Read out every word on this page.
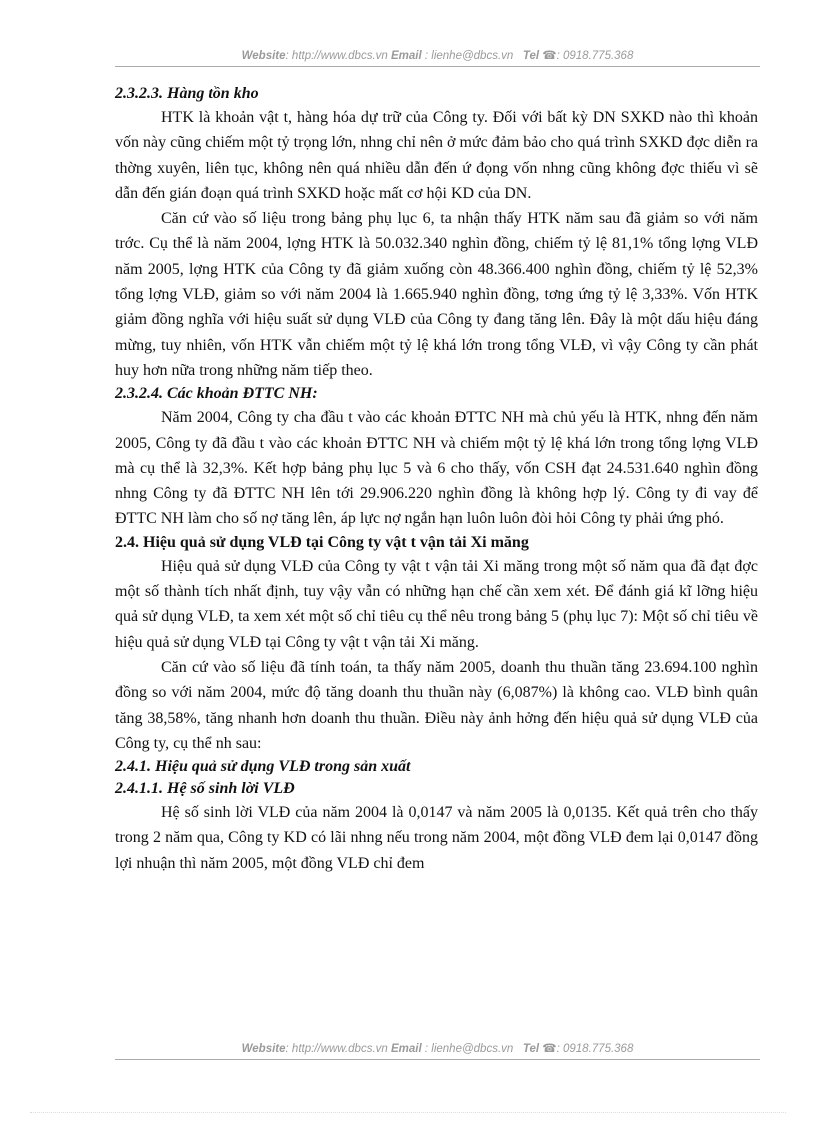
Website: http://www.dbcs.vn Email : lienhe@dbcs.vn Tel ☎: 0918.775.368

2.3.2.3. Hàng tồn kho

HTK là khoản vật t, hàng hóa dự trữ của Công ty. Đối với bất kỳ DN SXKD nào thì khoản vốn này cũng chiếm một tỷ trọng lớn, nhng chỉ nên ở mức đảm bảo cho quá trình SXKD đợc diễn ra thờng xuyên, liên tục, không nên quá nhiều dẫn đến ứ đọng vốn nhng cũng không đợc thiếu vì sẽ dẫn đến gián đoạn quá trình SXKD hoặc mất cơ hội KD của DN.

Căn cứ vào số liệu trong bảng phụ lục 6, ta nhận thấy HTK năm sau đã giảm so với năm trớc. Cụ thể là năm 2004, lợng HTK là 50.032.340 nghìn đồng, chiếm tỷ lệ 81,1% tổng lợng VLĐ năm 2005, lợng HTK của Công ty đã giảm xuống còn 48.366.400 nghìn đồng, chiếm tỷ lệ 52,3% tổng lợng VLĐ, giảm so với năm 2004 là 1.665.940 nghìn đồng, tơng ứng tỷ lệ 3,33%. Vốn HTK giảm đồng nghĩa với hiệu suất sử dụng VLĐ của Công ty đang tăng lên. Đây là một dấu hiệu đáng mừng, tuy nhiên, vốn HTK vẫn chiếm một tỷ lệ khá lớn trong tổng VLĐ, vì vậy Công ty cần phát huy hơn nữa trong những năm tiếp theo.

2.3.2.4. Các khoản ĐTTC NH:

Năm 2004, Công ty cha đầu t vào các khoản ĐTTC NH mà chủ yếu là HTK, nhng đến năm 2005, Công ty đã đầu t vào các khoản ĐTTC NH và chiếm một tỷ lệ khá lớn trong tổng lợng VLĐ mà cụ thể là 32,3%. Kết hợp bảng phụ lục 5 và 6 cho thấy, vốn CSH đạt 24.531.640 nghìn đồng nhng Công ty đã ĐTTC NH lên tới 29.906.220 nghìn đồng là không hợp lý. Công ty đi vay để ĐTTC NH làm cho số nợ tăng lên, áp lực nợ ngắn hạn luôn luôn đòi hỏi Công ty phải ứng phó.

2.4. Hiệu quả sử dụng VLĐ tại Công ty vật t vận tải Xi măng

Hiệu quả sử dụng VLĐ của Công ty vật t vận tải Xi măng trong một số năm qua đã đạt đợc một số thành tích nhất định, tuy vậy vẫn có những hạn chế cần xem xét. Để đánh giá kĩ lỡng hiệu quả sử dụng VLĐ, ta xem xét một số chỉ tiêu cụ thể nêu trong bảng 5 (phụ lục 7): Một số chỉ tiêu về hiệu quả sử dụng VLĐ tại Công ty vật t vận tải Xi măng.

Căn cứ vào số liệu đã tính toán, ta thấy năm 2005, doanh thu thuần tăng 23.694.100 nghìn đồng so với năm 2004, mức độ tăng doanh thu thuần này (6,087%) là không cao. VLĐ bình quân tăng 38,58%, tăng nhanh hơn doanh thu thuần. Điều này ảnh hởng đến hiệu quả sử dụng VLĐ của Công ty, cụ thể nh sau:

2.4.1. Hiệu quả sử dụng VLĐ trong sản xuất

2.4.1.1. Hệ số sinh lời VLĐ

Hệ số sinh lời VLĐ của năm 2004 là 0,0147 và năm 2005 là 0,0135. Kết quả trên cho thấy trong 2 năm qua, Công ty KD có lãi nhng nếu trong năm 2004, một đồng VLĐ đem lại 0,0147 đồng lợi nhuận thì năm 2005, một đồng VLĐ chỉ đem

Website: http://www.dbcs.vn Email : lienhe@dbcs.vn Tel ☎: 0918.775.368
